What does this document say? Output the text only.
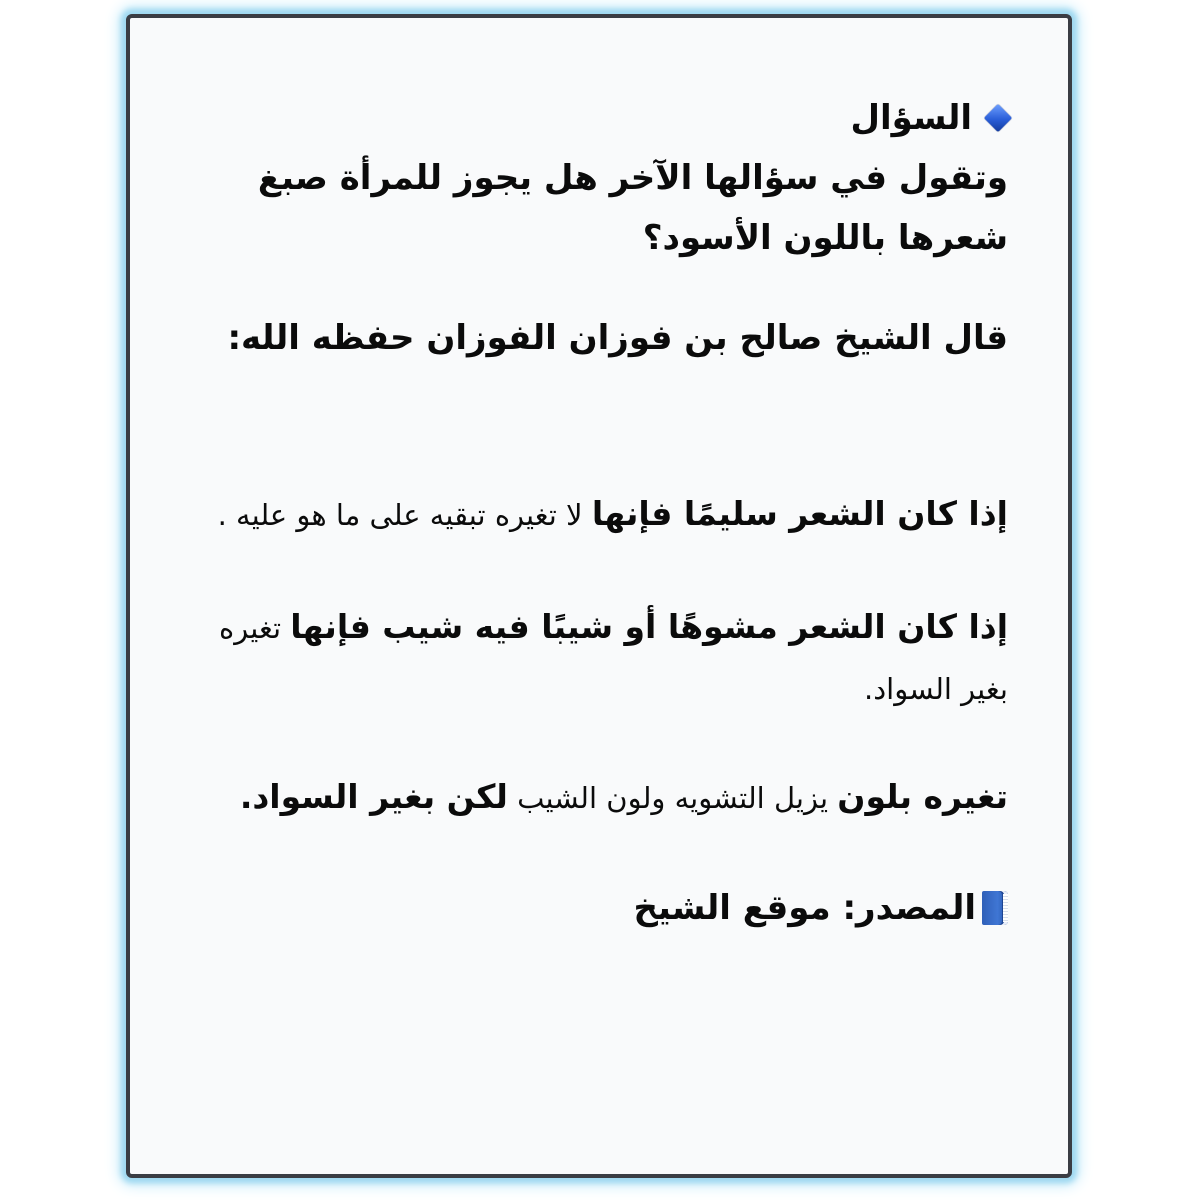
السؤال

وتقول في سؤالها الآخر هل يجوز للمرأة صبغ شعرها باللون الأسود؟

قال الشيخ صالح بن فوزان الفوزان حفظه الله:

إذا كان الشعر سليمًا فإنها لا تغيره تبقيه على ما هو عليه .

إذا كان الشعر مشوهًا أو شيبًا فيه شيب فإنها تغيره بغير السواد.

تغيره بلون يزيل التشويه ولون الشيب لكن بغير السواد.

المصدر: موقع الشيخ
